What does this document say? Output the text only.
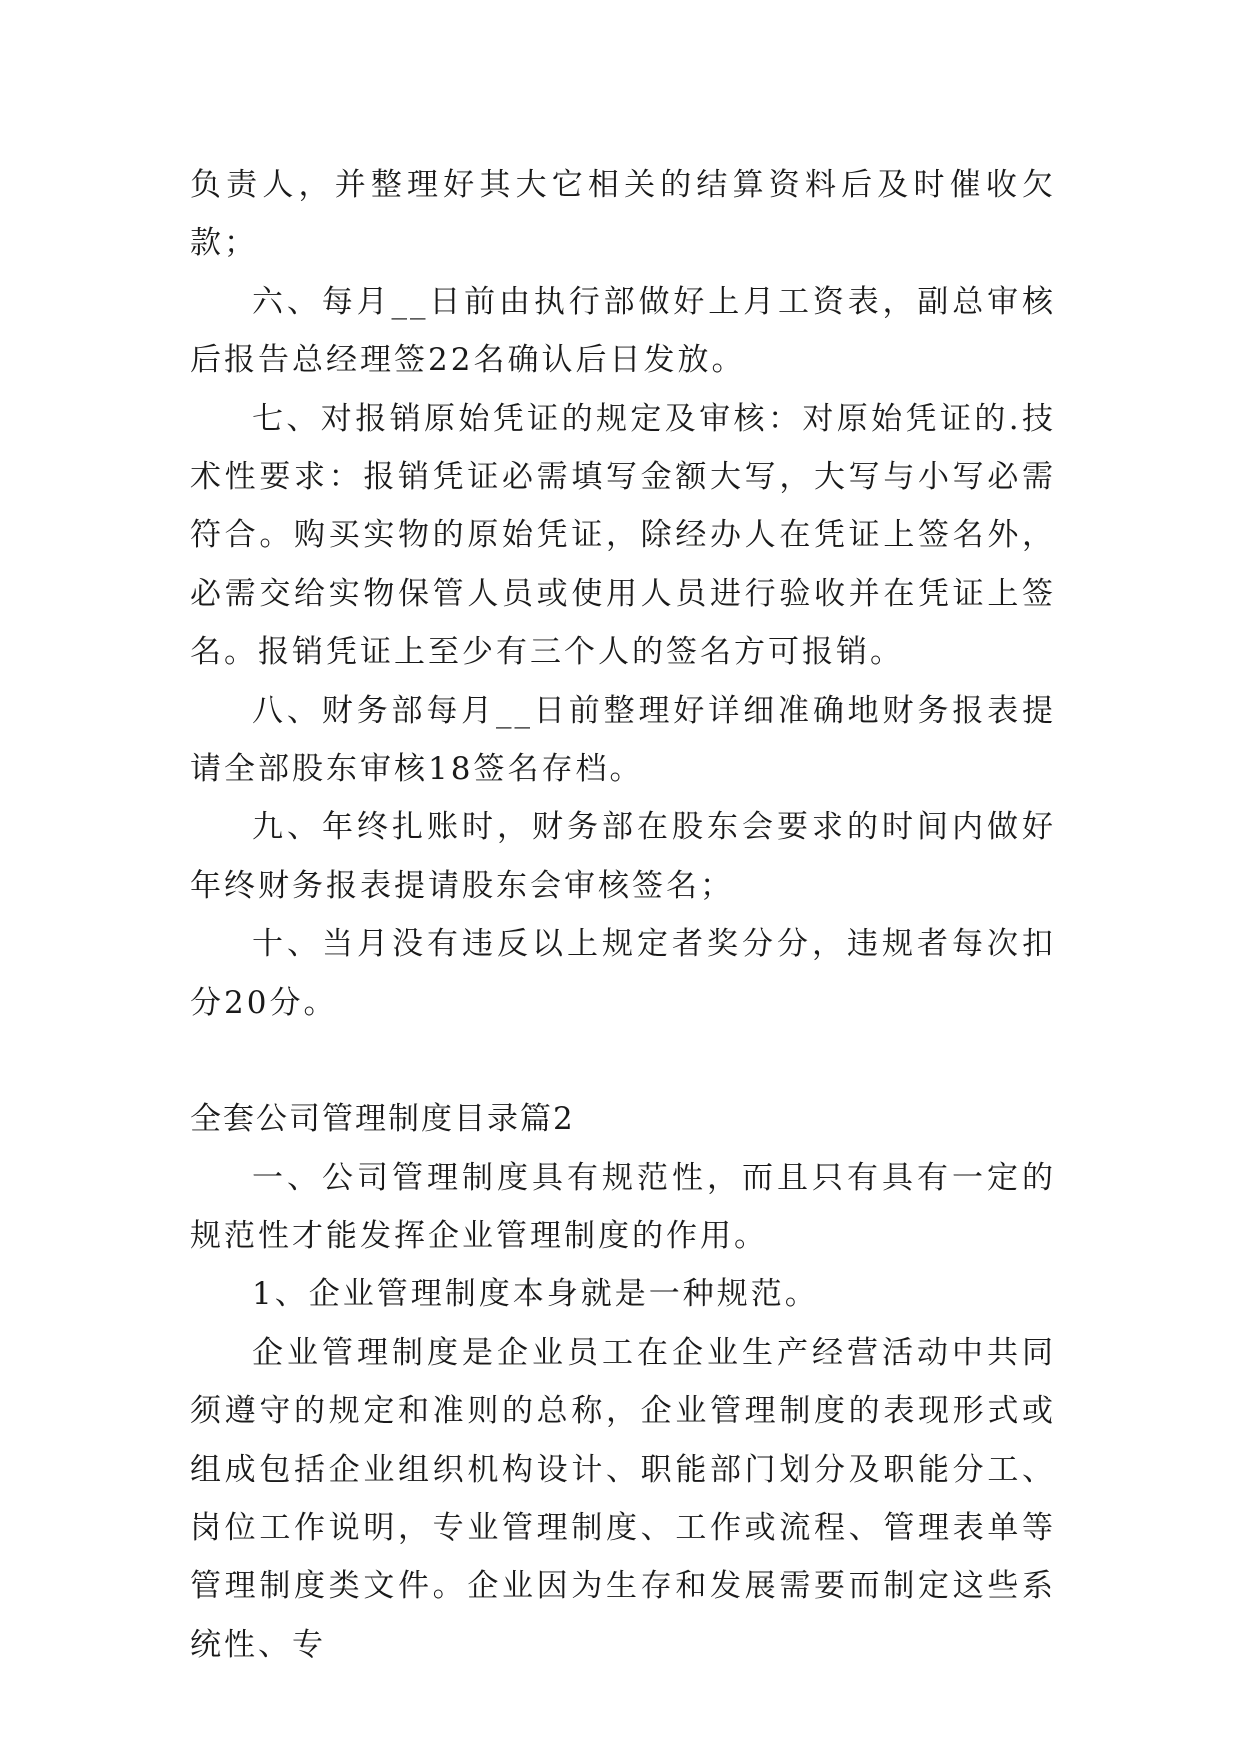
负责人，并整理好其大它相关的结算资料后及时催收欠款；

六、每月__日前由执行部做好上月工资表，副总审核后报告总经理签22名确认后日发放。

七、对报销原始凭证的规定及审核：对原始凭证的.技术性要求：报销凭证必需填写金额大写，大写与小写必需符合。购买实物的原始凭证，除经办人在凭证上签名外，必需交给实物保管人员或使用人员进行验收并在凭证上签名。报销凭证上至少有三个人的签名方可报销。

八、财务部每月__日前整理好详细准确地财务报表提请全部股东审核18签名存档。

九、年终扎账时，财务部在股东会要求的时间内做好年终财务报表提请股东会审核签名；

十、当月没有违反以上规定者奖分分，违规者每次扣分20分。

全套公司管理制度目录篇2

一、公司管理制度具有规范性，而且只有具有一定的规范性才能发挥企业管理制度的作用。

1、企业管理制度本身就是一种规范。

企业管理制度是企业员工在企业生产经营活动中共同须遵守的规定和准则的总称，企业管理制度的表现形式或组成包括企业组织机构设计、职能部门划分及职能分工、岗位工作说明，专业管理制度、工作或流程、管理表单等管理制度类文件。企业因为生存和发展需要而制定这些系统性、专
